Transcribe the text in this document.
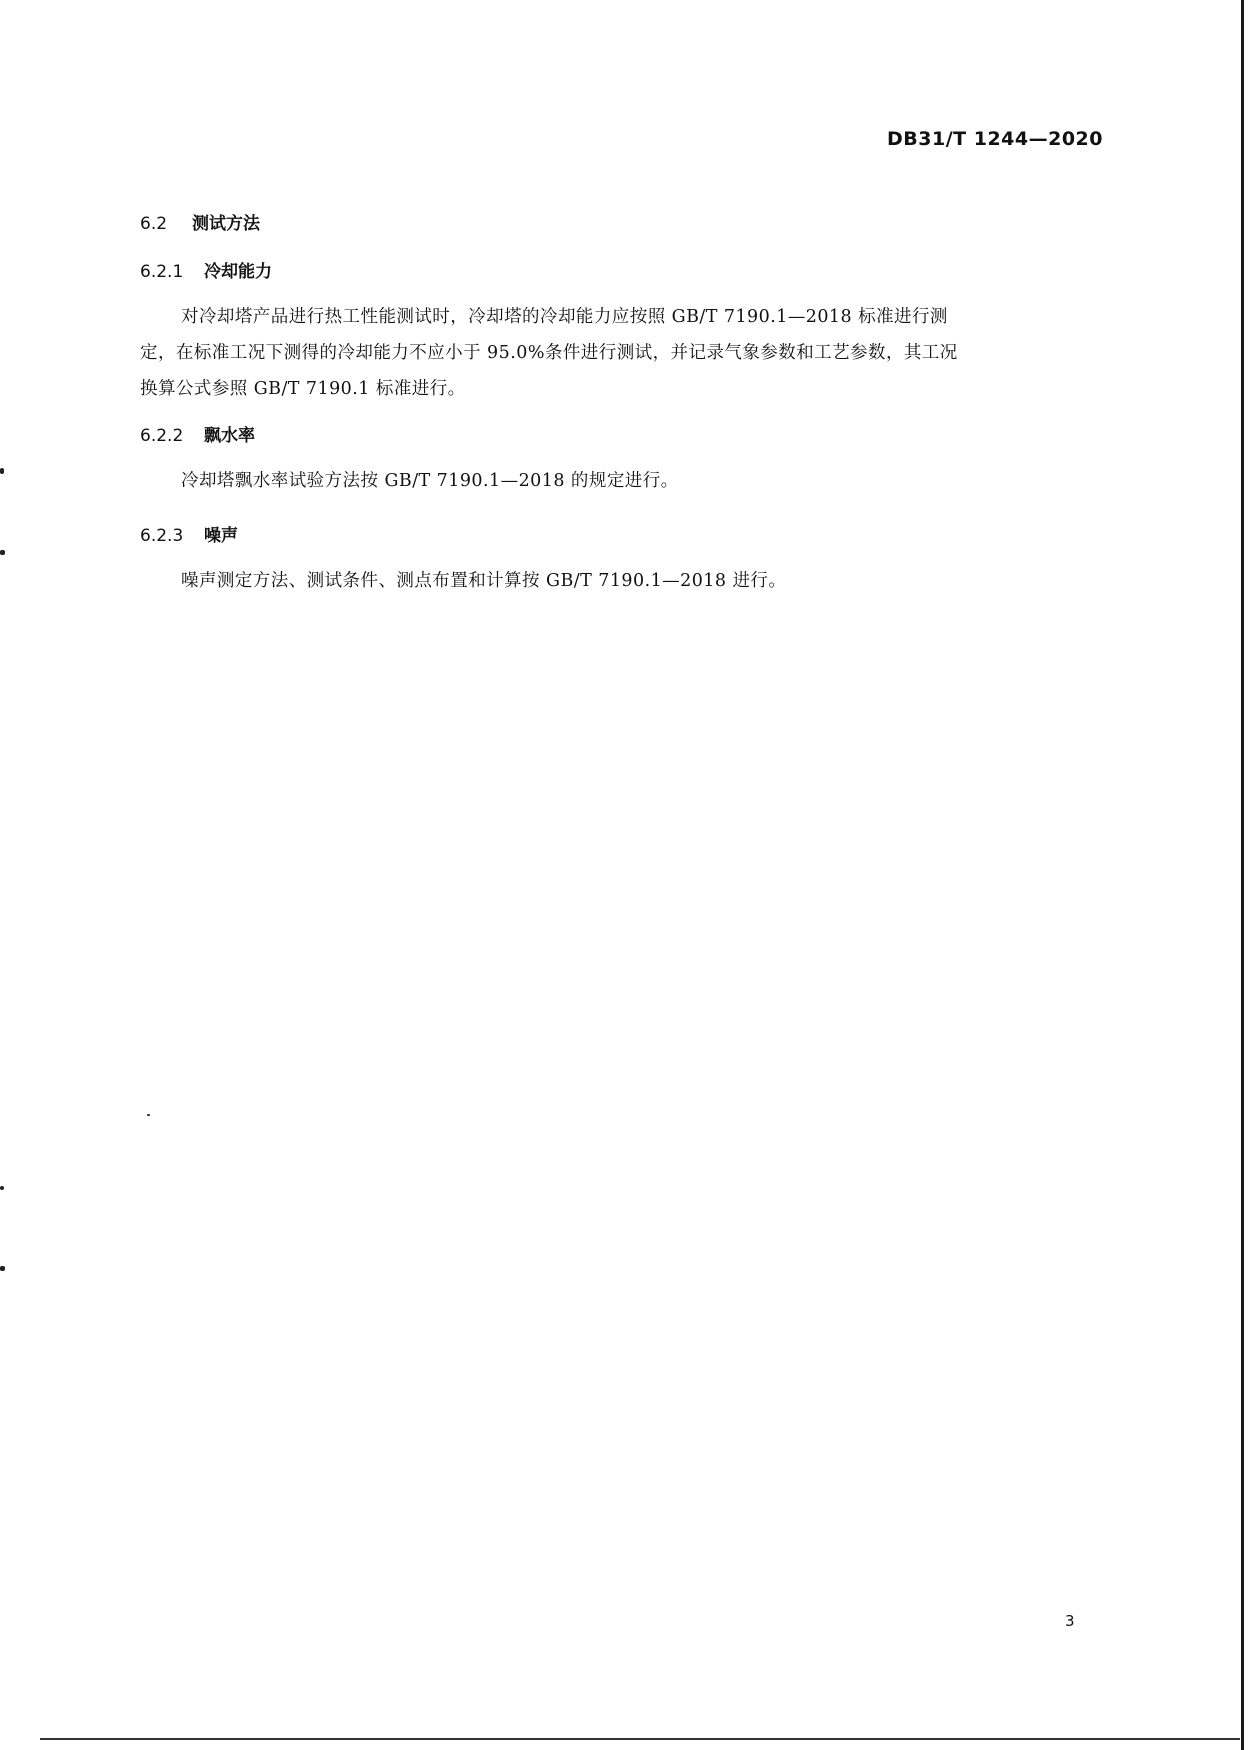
DB31/T 1244—2020
6.2 测试方法
6.2.1 冷却能力
对冷却塔产品进行热工性能测试时，冷却塔的冷却能力应按照 GB/T 7190.1—2018 标准进行测
定，在标准工况下测得的冷却能力不应小于 95.0%条件进行测试，并记录气象参数和工艺参数，其工况
换算公式参照 GB/T 7190.1 标准进行。
6.2.2 飘水率
冷却塔飘水率试验方法按 GB/T 7190.1—2018 的规定进行。
6.2.3 噪声
噪声测定方法、测试条件、测点布置和计算按 GB/T 7190.1—2018 进行。
3
